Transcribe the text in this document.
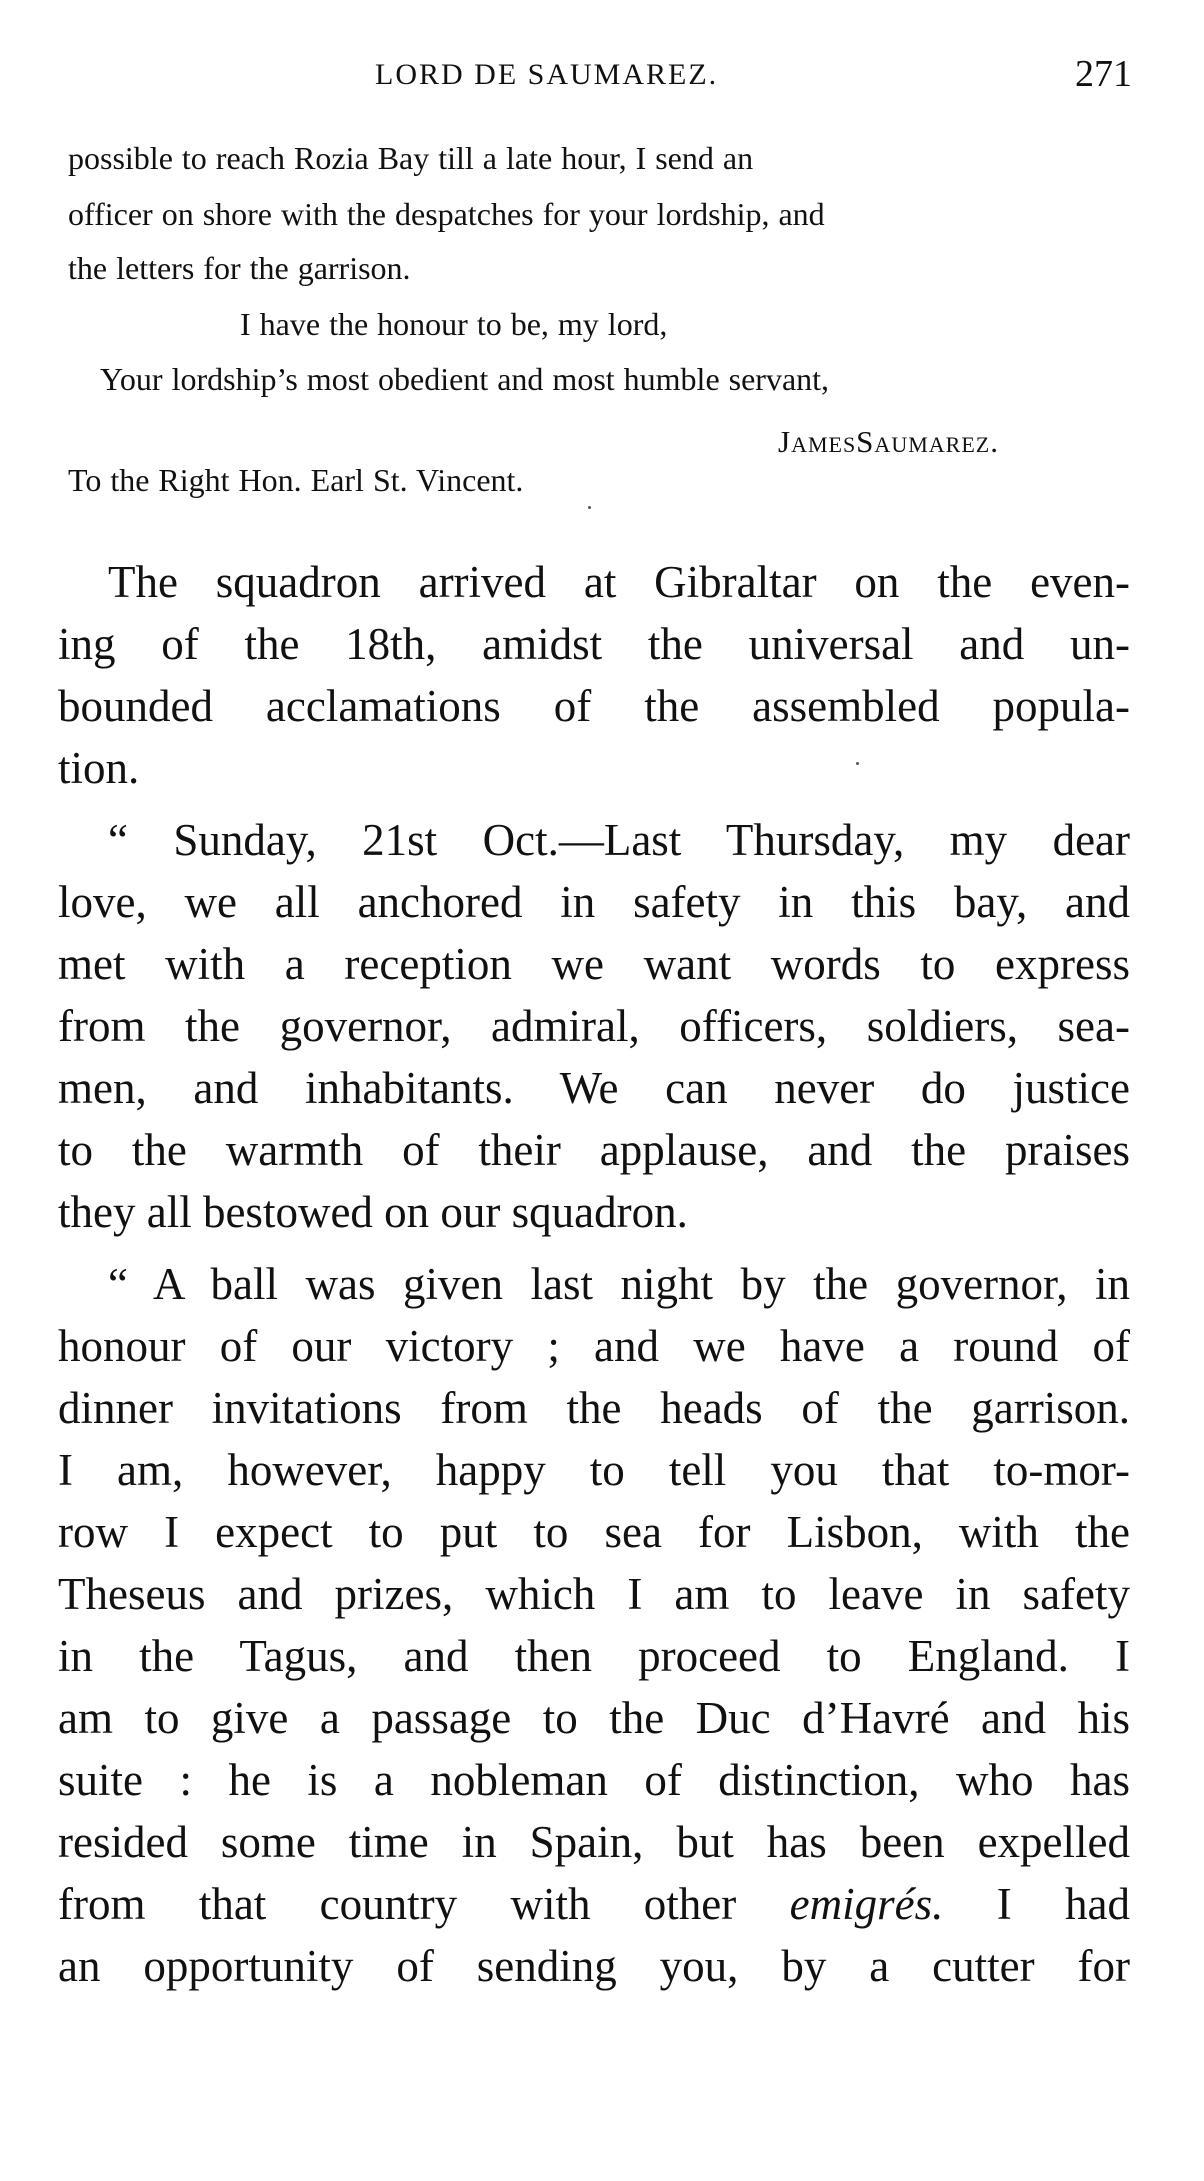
LORD DE SAUMAREZ.	271
possible to reach Rozia Bay till a late hour, I send an
officer on shore with the despatches for your lordship, and
the letters for the garrison.
I have the honour to be, my lord,
Your lordship’s most obedient and most humble servant,
JamesSaumarez.
To the Right Hon. Earl St. Vincent.
The squadron arrived at Gibraltar on the even-
ing of the 18th, amidst the universal and un-
bounded acclamations of the assembled popula-
tion.
“ Sunday, 21st Oct.—Last Thursday, my dear
love, we all anchored in safety in this bay, and
met with a reception we want words to express
from the governor, admiral, officers, soldiers, sea-
men, and inhabitants. We can never do justice
to the warmth of their applause, and the praises
they all bestowed on our squadron.
“ A ball was given last night by the governor, in
honour of our victory ; and we have a round of
dinner invitations from the heads of the garrison.
I am, however, happy to tell you that to-mor-
row I expect to put to sea for Lisbon, with the
Theseus and prizes, which I am to leave in safety
in the Tagus, and then proceed to England. I
am to give a passage to the Duc d’Havré and his
suite : he is a nobleman of distinction, who has
resided some time in Spain, but has been expelled
from that country with other emigrés. I had
an opportunity of sending you, by a cutter for
